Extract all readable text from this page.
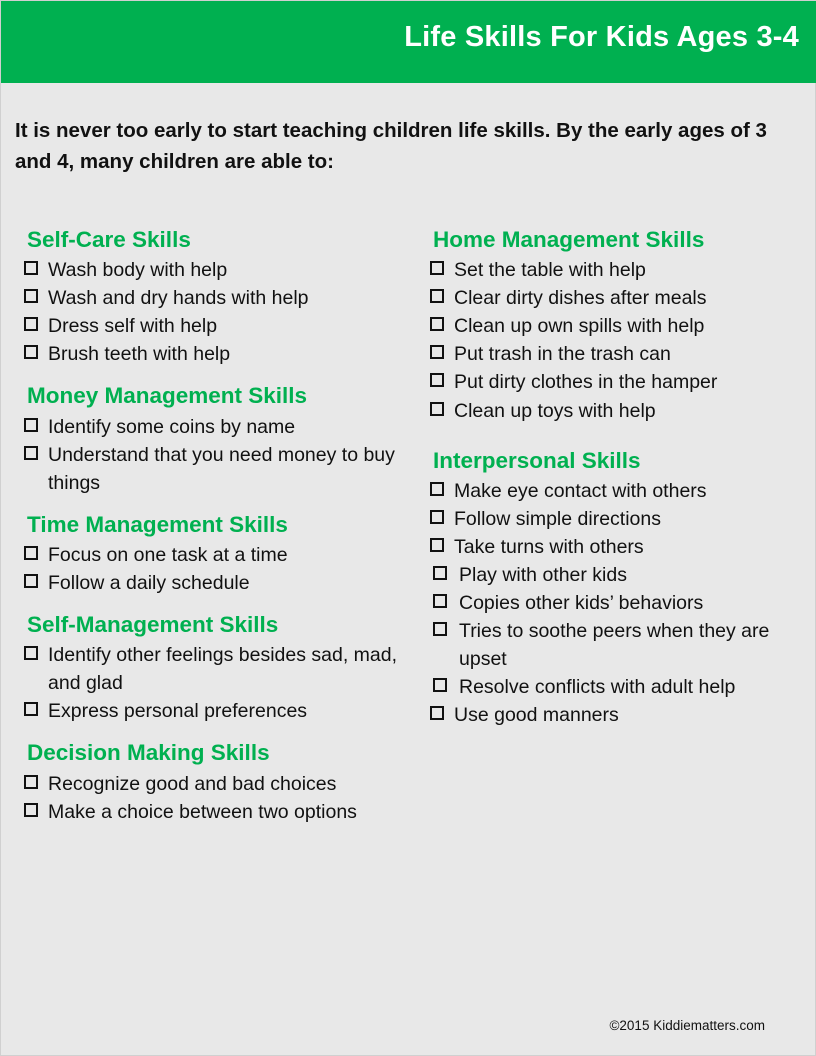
Life Skills For Kids Ages 3-4
It is never too early to start teaching children life skills. By the early ages of 3 and 4, many children are able to:
Self-Care Skills
Wash body with help
Wash and dry hands with help
Dress self with help
Brush teeth with help
Money Management Skills
Identify some coins by name
Understand that you need money to buy things
Time Management Skills
Focus on one task at a time
Follow a daily schedule
Self-Management Skills
Identify other feelings besides sad, mad, and glad
Express personal preferences
Decision Making Skills
Recognize good and bad choices
Make a choice between two options
Home Management Skills
Set the table with help
Clear dirty dishes after meals
Clean up own spills with help
Put trash in the trash can
Put dirty clothes in the hamper
Clean up toys with help
Interpersonal Skills
Make eye contact with others
Follow simple directions
Take turns with others
Play with other kids
Copies other kids’ behaviors
Tries to soothe peers when they are upset
Resolve conflicts with adult help
Use good manners
©2015 Kiddiematters.com
